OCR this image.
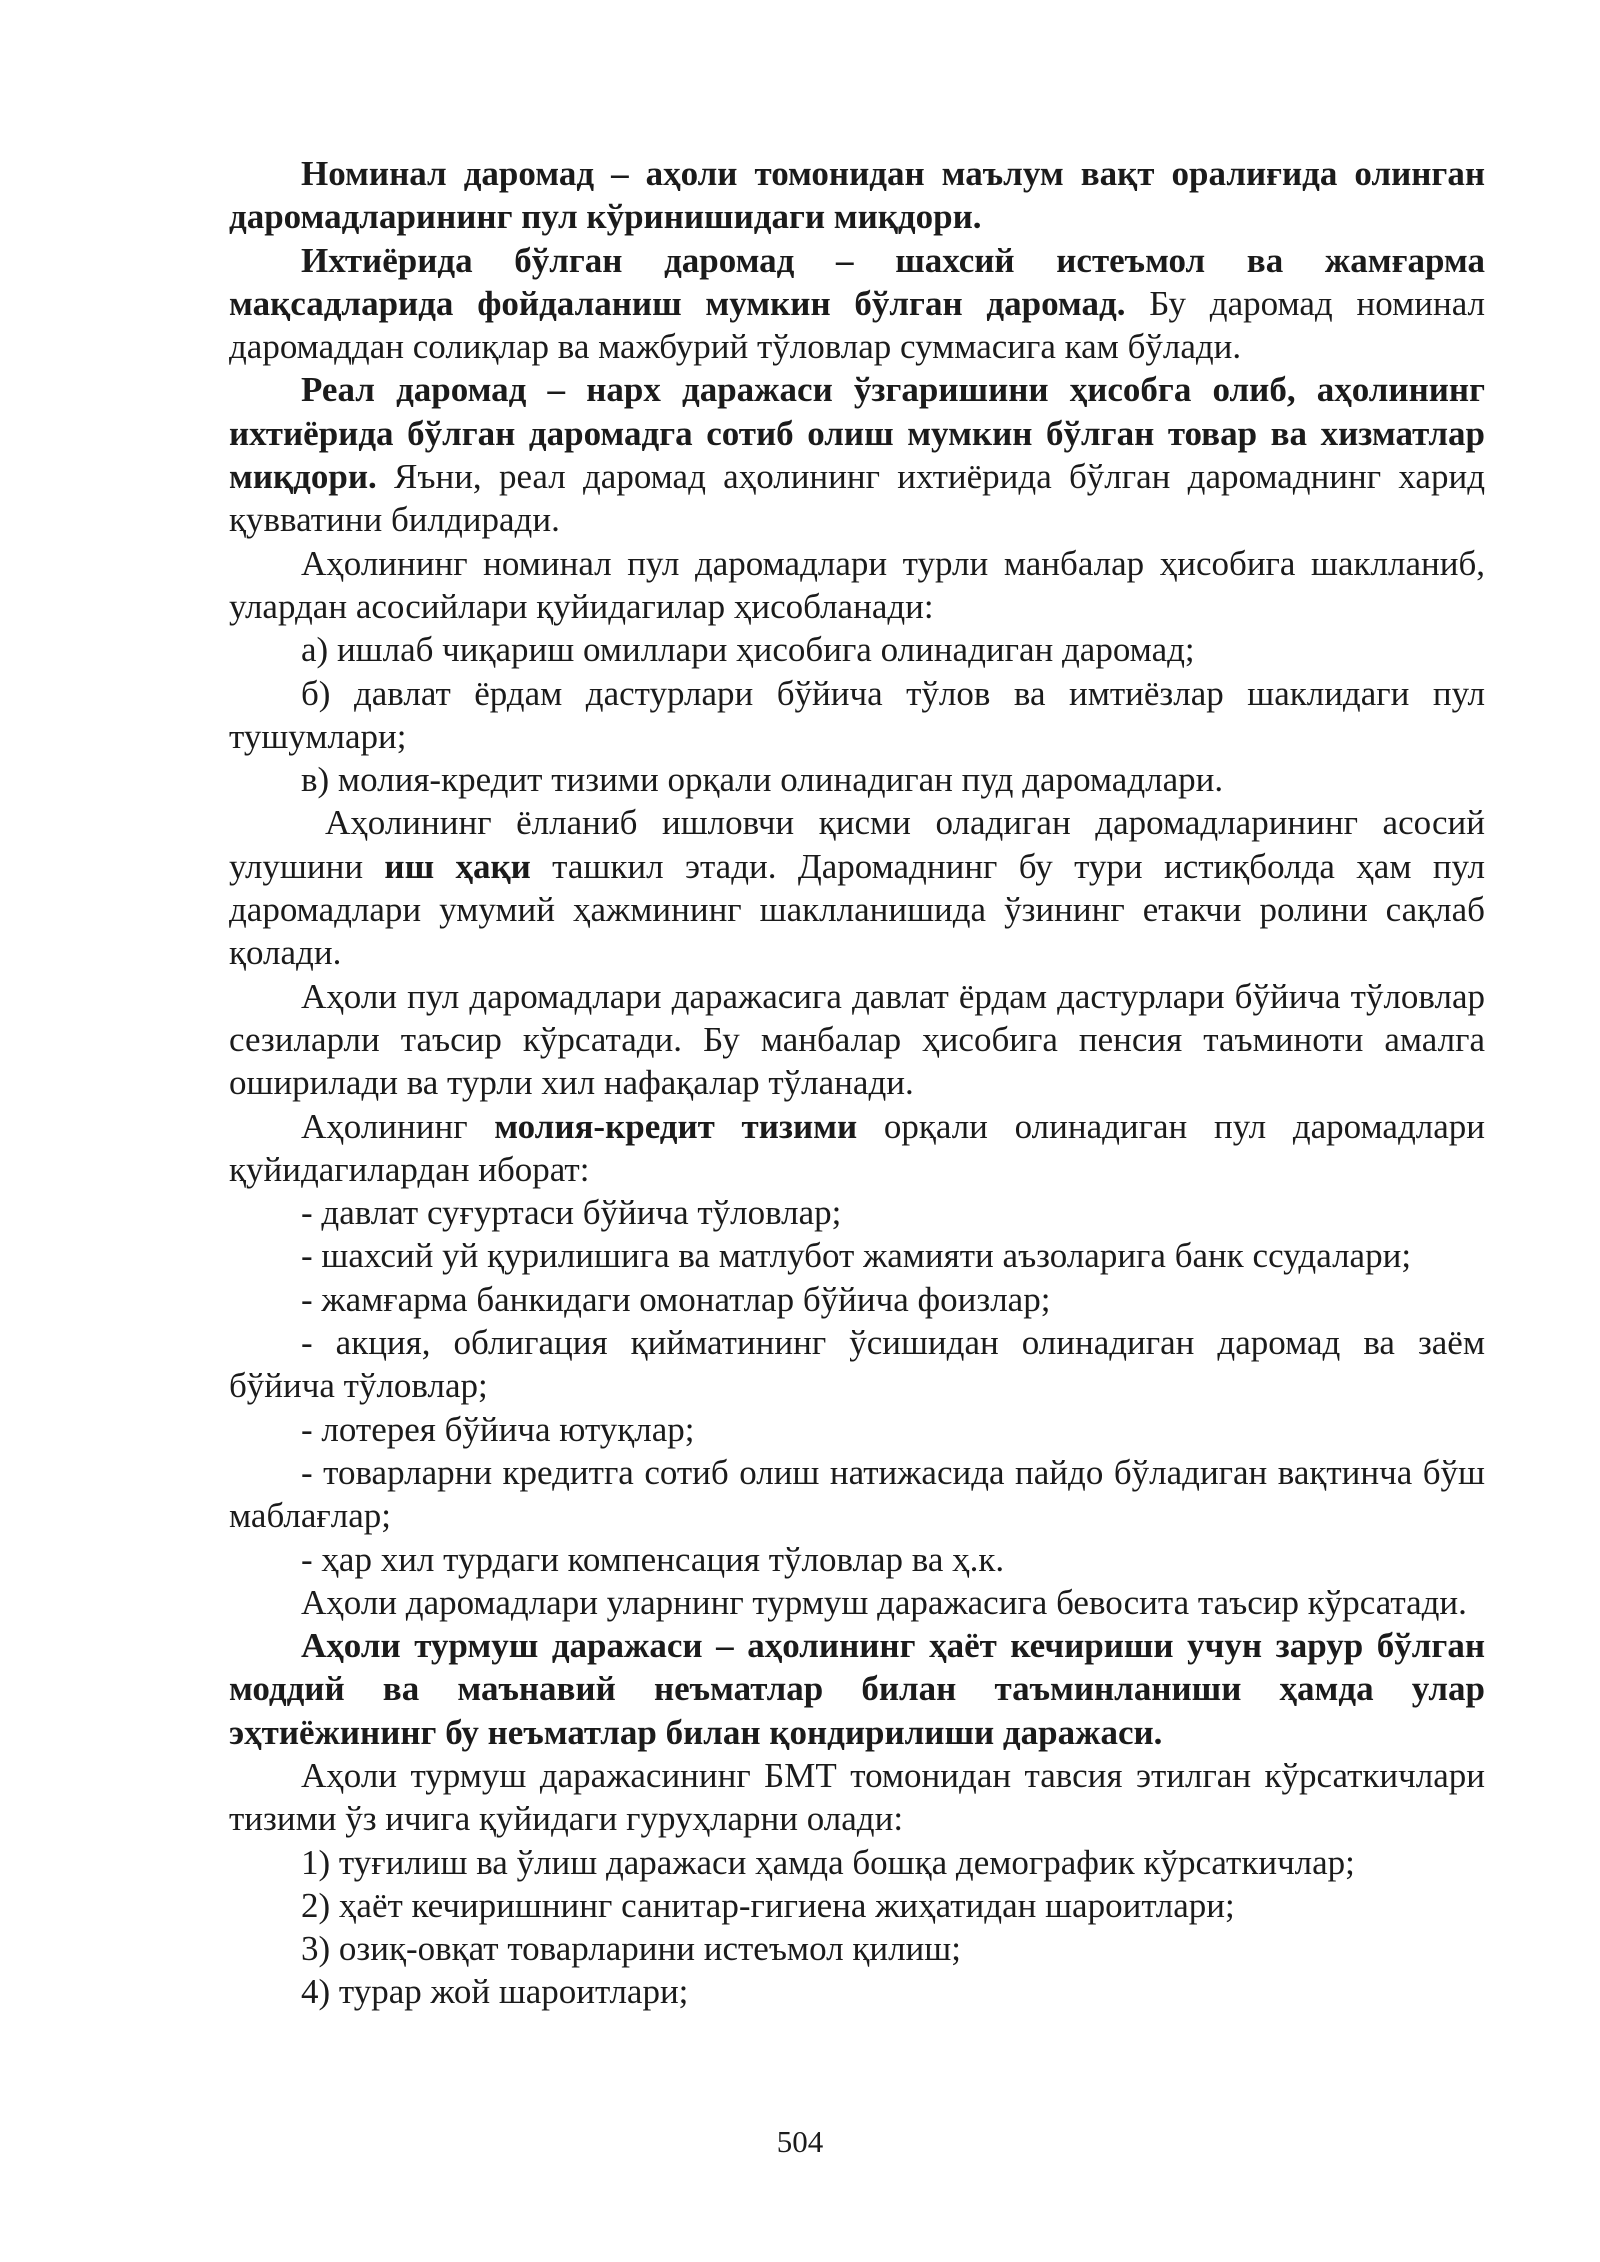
Номинал даромад – аҳоли томонидан маълум вақт оралиғида олинган даромадларининг пул кўринишидаги миқдори.

Ихтиёрида бўлган даромад – шахсий истеъмол ва жамғарма мақсадларида фойдаланиш мумкин бўлган даромад. Бу даромад номинал даромаддан солиқлар ва мажбурий тўловлар суммасига кам бўлади.

Реал даромад – нарх даражаси ўзгаришини ҳисобга олиб, аҳолининг ихтиёрида бўлган даромадга сотиб олиш мумкин бўлган товар ва хизматлар миқдори. Яъни, реал даромад аҳолининг ихтиёрида бўлган даромаднинг харид қувватини билдиради.

Аҳолининг номинал пул даромадлари турли манбалар ҳисобига шаклланиб, улардан асосийлари қуйидагилар ҳисобланади:

а) ишлаб чиқариш омиллари ҳисобига олинадиган даромад;

б) давлат ёрдам дастурлари бўйича тўлов ва имтиёзлар шаклидаги пул тушумлари;

в) молия-кредит тизими орқали олинадиган пуд даромадлари.

Аҳолининг ёлланиб ишловчи қисми оладиган даромадларининг асосий улушини иш ҳақи ташкил этади. Даромаднинг бу тури истиқболда ҳам пул даромадлари умумий ҳажмининг шаклланишида ўзининг етакчи ролини сақлаб қолади.

Аҳоли пул даромадлари даражасига давлат ёрдам дастурлари бўйича тўловлар сезиларли таъсир кўрсатади. Бу манбалар ҳисобига пенсия таъминоти амалга оширилади ва турли хил нафақалар тўланади.

Аҳолининг молия-кредит тизими орқали олинадиган пул даромадлари қуйидагилардан иборат:

- давлат суғуртаси бўйича тўловлар;

- шахсий уй қурилишига ва матлубот жамияти аъзоларига банк ссудалари;

- жамғарма банкидаги омонатлар бўйича фоизлар;

- акция, облигация қийматининг ўсишидан олинадиган даромад ва заём бўйича тўловлар;

- лотерея бўйича ютуқлар;

- товарларни кредитга сотиб олиш натижасида пайдо бўладиган вақтинча бўш маблағлар;

- ҳар хил турдаги компенсация тўловлар ва ҳ.к.

Аҳоли даромадлари уларнинг турмуш даражасига бевосита таъсир кўрсатади.

Аҳоли турмуш даражаси – аҳолининг ҳаёт кечириши учун зарур бўлган моддий ва маънавий неъматлар билан таъминланиши ҳамда улар эҳтиёжининг бу неъматлар билан қондирилиши даражаси.

Аҳоли турмуш даражасининг БМТ томонидан тавсия этилган кўрсаткичлари тизими ўз ичига қуйидаги гуруҳларни олади:

1) туғилиш ва ўлиш даражаси ҳамда бошқа демографик кўрсаткичлар;

2) ҳаёт кечиришнинг санитар-гигиена жиҳатидан шароитлари;

3) озиқ-овқат товарларини истеъмол қилиш;

4) турар жой шароитлари;

504
